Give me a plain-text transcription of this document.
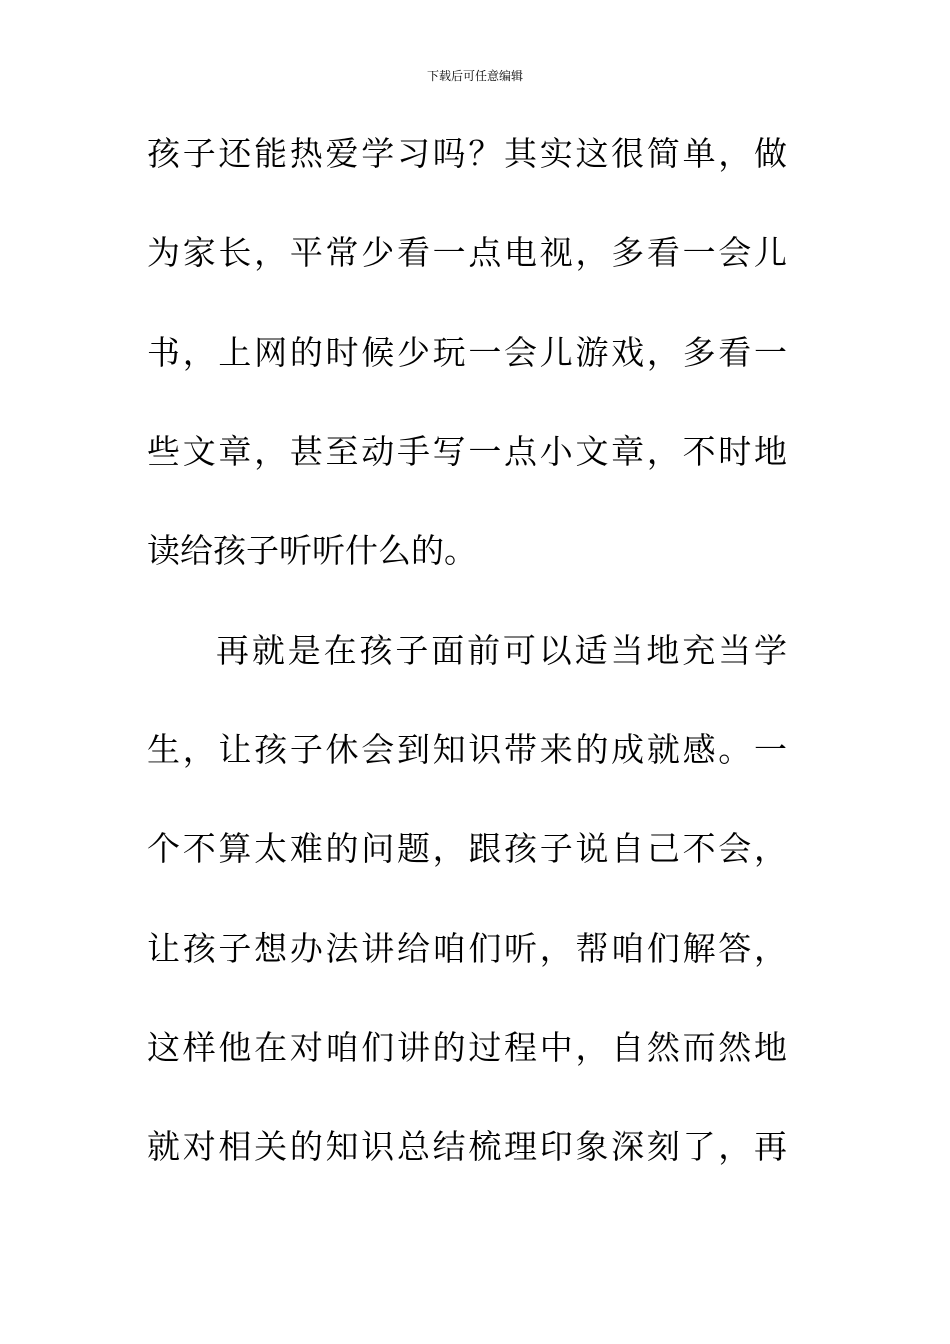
下载后可任意编辑
孩子还能热爱学习吗？其实这很简单，做
为家长，平常少看一点电视，多看一会儿
书，上网的时候少玩一会儿游戏，多看一
些文章，甚至动手写一点小文章，不时地
读给孩子听听什么的。
再就是在孩子面前可以适当地充当学
生，让孩子休会到知识带来的成就感。一
个不算太难的问题，跟孩子说自己不会，
让孩子想办法讲给咱们听，帮咱们解答，
这样他在对咱们讲的过程中，自然而然地
就对相关的知识总结梳理印象深刻了，再
